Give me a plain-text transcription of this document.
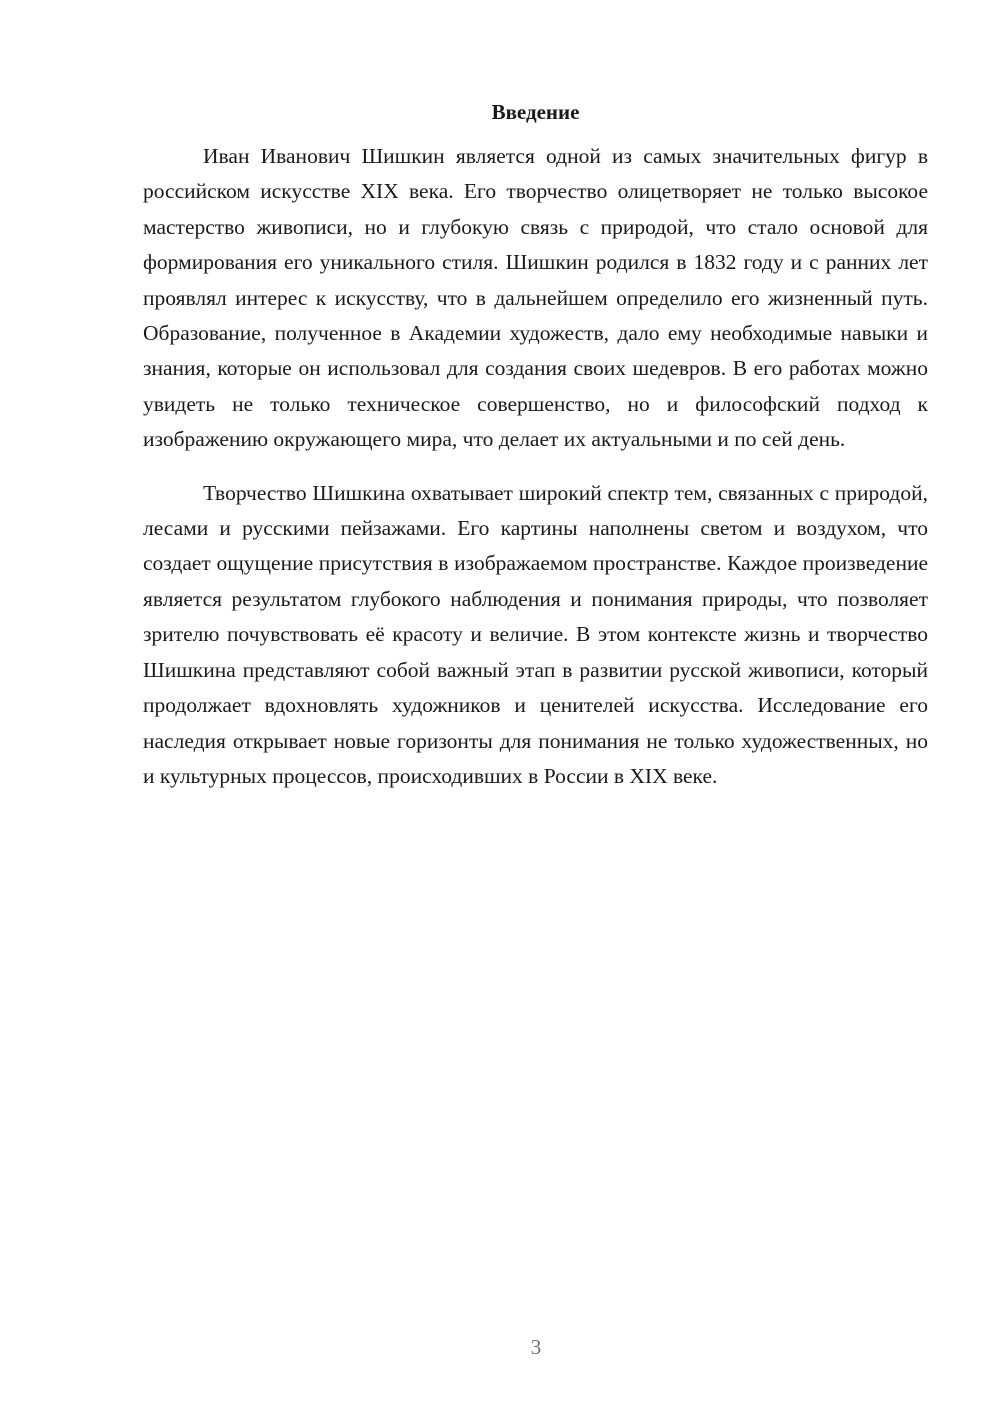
Введение

Иван Иванович Шишкин является одной из самых значительных фигур в российском искусстве XIX века. Его творчество олицетворяет не только высокое мастерство живописи, но и глубокую связь с природой, что стало основой для формирования его уникального стиля. Шишкин родился в 1832 году и с ранних лет проявлял интерес к искусству, что в дальнейшем определило его жизненный путь. Образование, полученное в Академии художеств, дало ему необходимые навыки и знания, которые он использовал для создания своих шедевров. В его работах можно увидеть не только техническое совершенство, но и философский подход к изображению окружающего мира, что делает их актуальными и по сей день.

Творчество Шишкина охватывает широкий спектр тем, связанных с природой, лесами и русскими пейзажами. Его картины наполнены светом и воздухом, что создает ощущение присутствия в изображаемом пространстве. Каждое произведение является результатом глубокого наблюдения и понимания природы, что позволяет зрителю почувствовать её красоту и величие. В этом контексте жизнь и творчество Шишкина представляют собой важный этап в развитии русской живописи, который продолжает вдохновлять художников и ценителей искусства. Исследование его наследия открывает новые горизонты для понимания не только художественных, но и культурных процессов, происходивших в России в XIX веке.

3
